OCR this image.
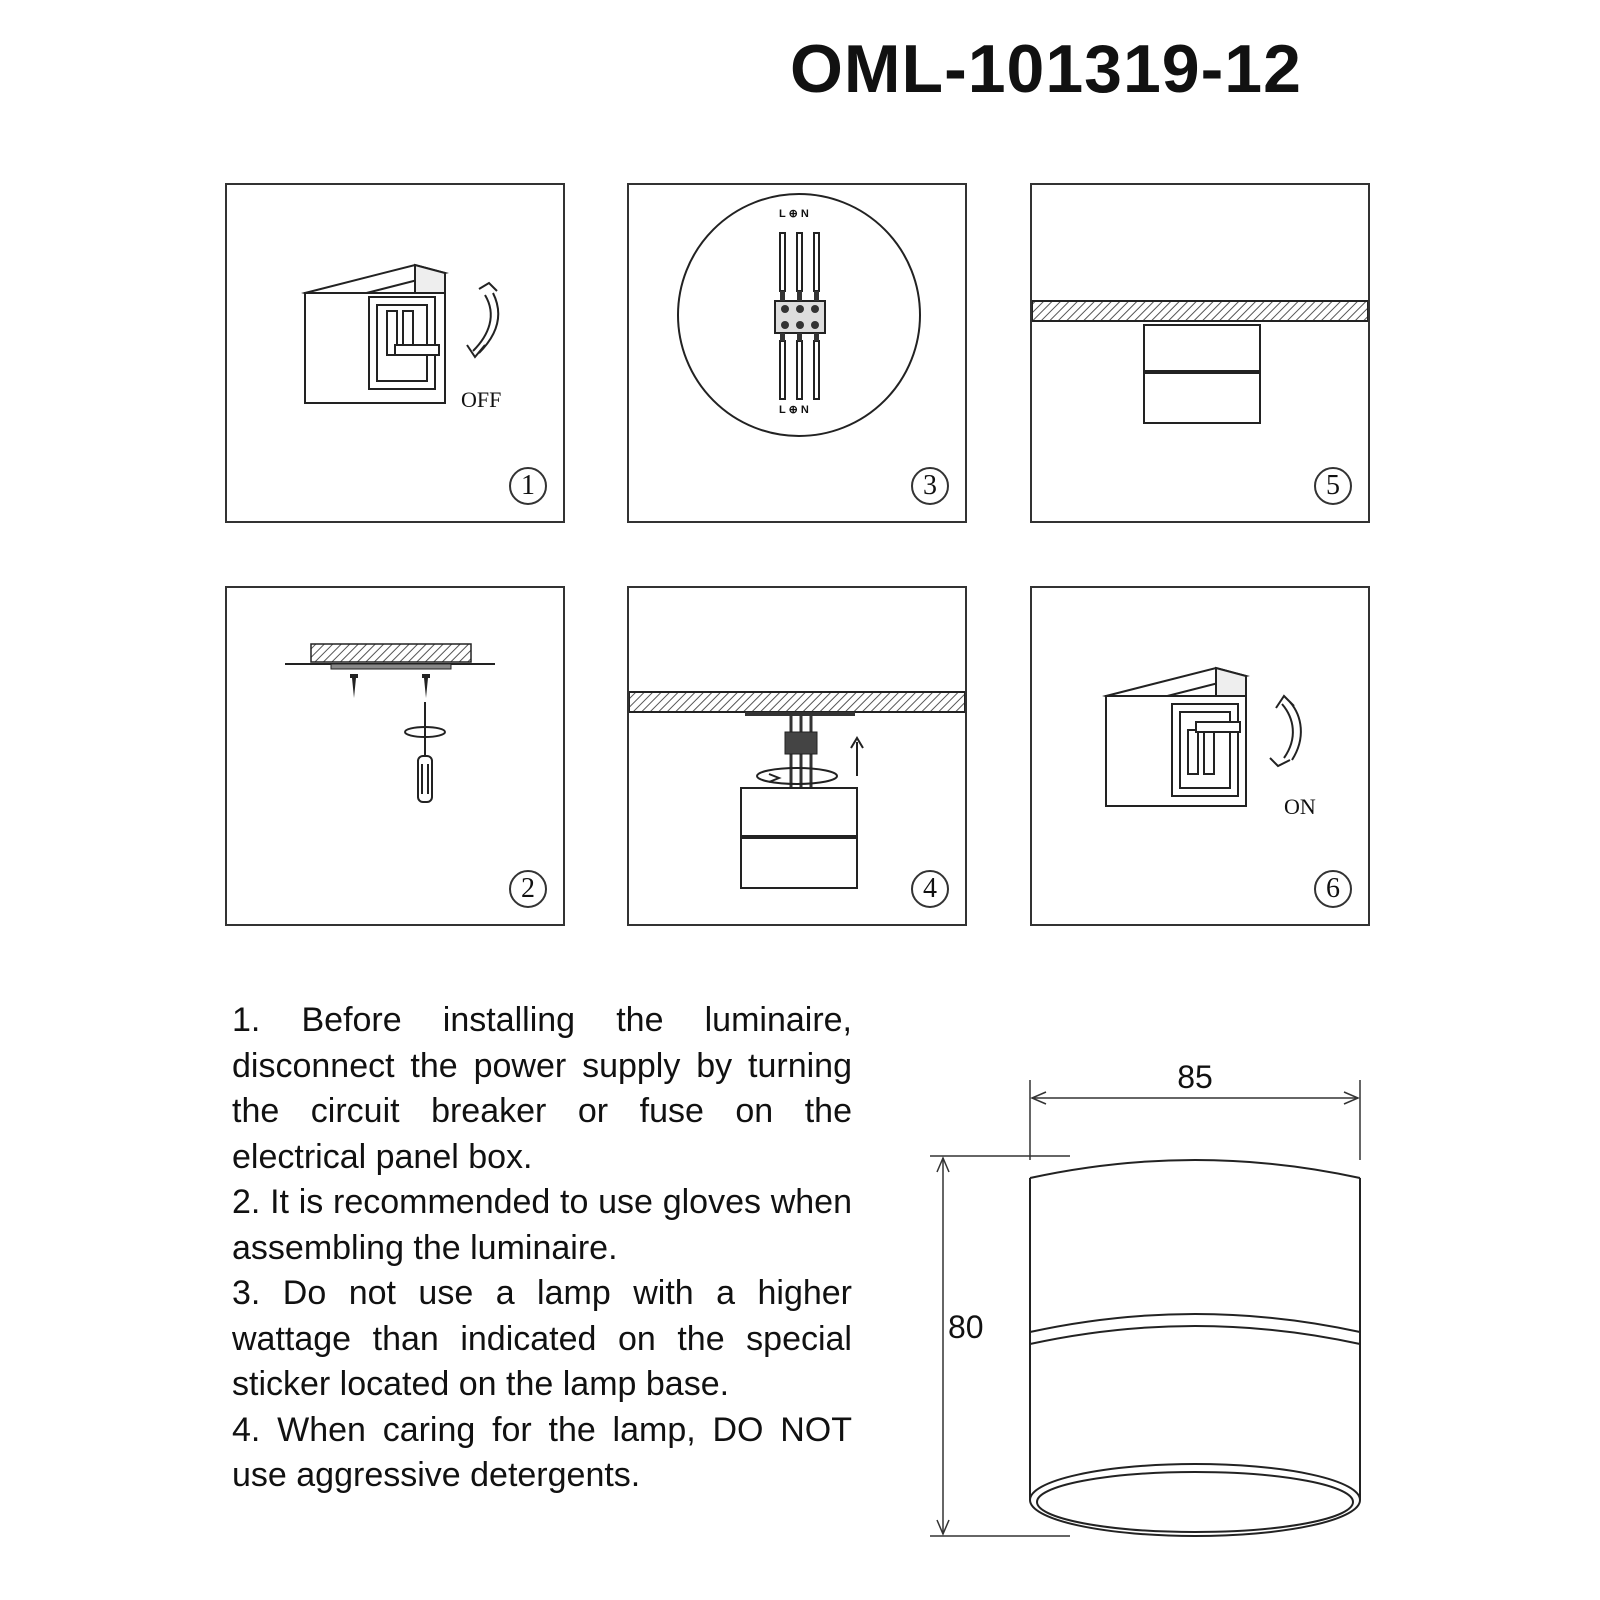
OML-101319-12
OFF
1
L ⊕ N
L ⊕ N
3	5
2	4
ON
6

1. Before installing the luminaire, disconnect the power supply by turning the circuit breaker or fuse on the electrical panel box.

2. It is recommended to use gloves when assembling the luminaire.

3. Do not use a lamp with a higher wattage than indicated on the special sticker located on the lamp base.

4. When caring for the lamp, DO NOT use aggressive detergents.

85
80
